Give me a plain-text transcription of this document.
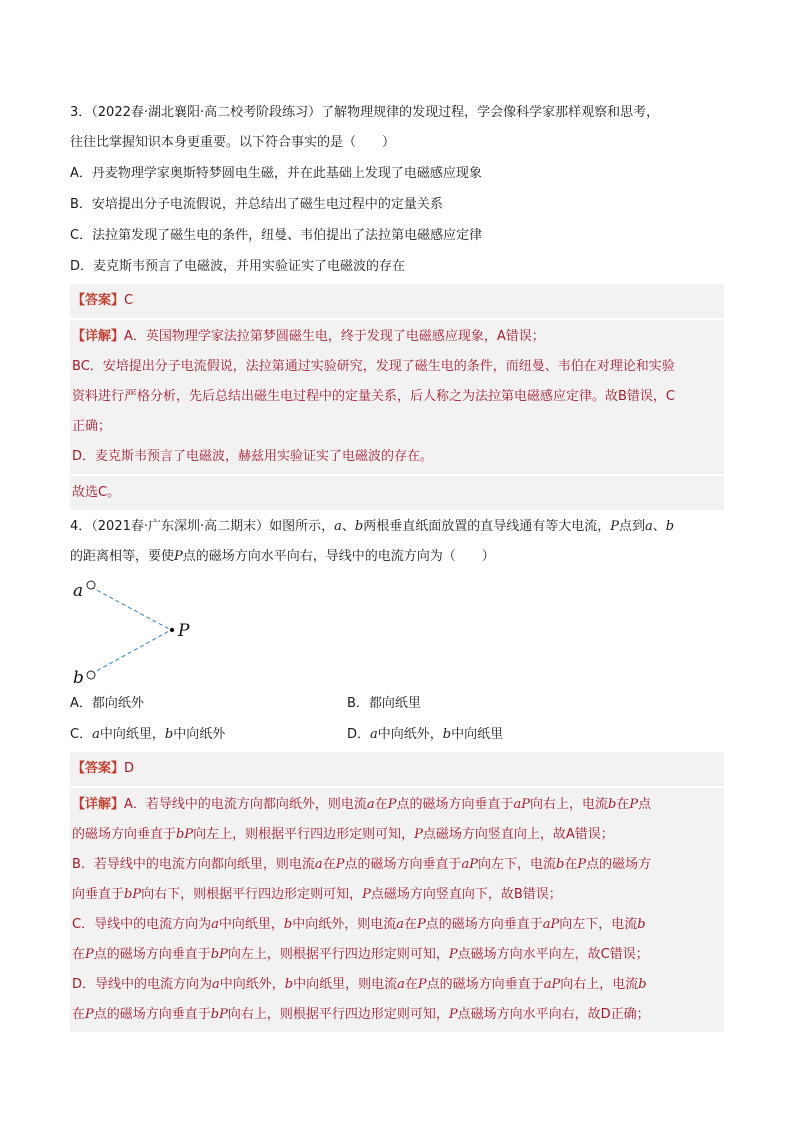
3．（2022春·湖北襄阳·高二校考阶段练习）了解物理规律的发现过程，学会像科学家那样观察和思考，

往往比掌握知识本身更重要。以下符合事实的是（　　）

A．丹麦物理学家奥斯特梦圆电生磁，并在此基础上发现了电磁感应现象

B．安培提出分子电流假说，并总结出了磁生电过程中的定量关系

C．法拉第发现了磁生电的条件，纽曼、韦伯提出了法拉第电磁感应定律

D．麦克斯韦预言了电磁波，并用实验证实了电磁波的存在

【答案】C

【详解】A．英国物理学家法拉第梦圆磁生电，终于发现了电磁感应现象，A错误；

BC．安培提出分子电流假说，法拉第通过实验研究，发现了磁生电的条件，而纽曼、韦伯在对理论和实验

资料进行严格分析，先后总结出磁生电过程中的定量关系，后人称之为法拉第电磁感应定律。故B错误，C

正确；

D．麦克斯韦预言了电磁波，赫兹用实验证实了电磁波的存在。

故选C。

4．（2021春·广东深圳·高二期末）如图所示，a、b两根垂直纸面放置的直导线通有等大电流，P点到a、b

的距离相等，要使P点的磁场方向水平向右，导线中的电流方向为（　　）

a
b
P
A．都向纸外	B．都向纸里
C．a中向纸里，b中向纸外	D．a中向纸外，b中向纸里

【答案】D

【详解】A．若导线中的电流方向都向纸外，则电流a在P点的磁场方向垂直于aP向右上，电流b在P点

的磁场方向垂直于bP向左上，则根据平行四边形定则可知，P点磁场方向竖直向上，故A错误；

B．若导线中的电流方向都向纸里，则电流a在P点的磁场方向垂直于aP向左下，电流b在P点的磁场方

向垂直于bP向右下，则根据平行四边形定则可知，P点磁场方向竖直向下，故B错误；

C．导线中的电流方向为a中向纸里，b中向纸外，则电流a在P点的磁场方向垂直于aP向左下，电流b

在P点的磁场方向垂直于bP向左上，则根据平行四边形定则可知，P点磁场方向水平向左，故C错误；

D．导线中的电流方向为a中向纸外，b中向纸里，则电流a在P点的磁场方向垂直于aP向右上，电流b

在P点的磁场方向垂直于bP向右上，则根据平行四边形定则可知，P点磁场方向水平向右，故D正确；
